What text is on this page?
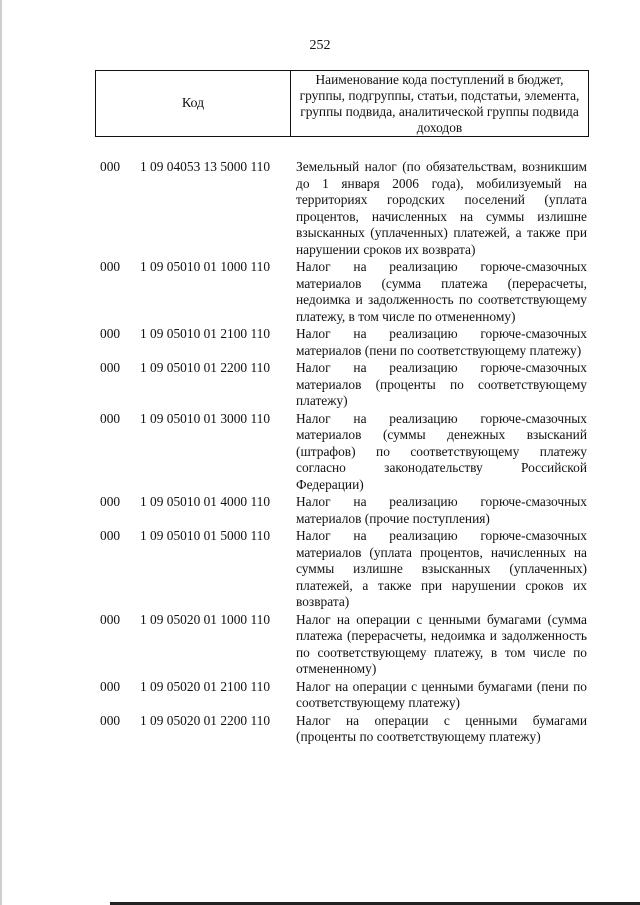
252
Код
Наименование кода поступлений в бюджет, группы, подгруппы, статьи, подстатьи, элемента, группы подвида, аналитической группы подвида доходов
000 1 09 04053 13 5000 110 Земельный налог (по обязательствам, возникшим до 1 января 2006 года), мобилизуемый на территориях городских поселений (уплата процентов, начисленных на суммы излишне взысканных (уплаченных) платежей, а также при нарушении сроков их возврата)
000 1 09 05010 01 1000 110 Налог на реализацию горюче-смазочных материалов (сумма платежа (перерасчеты, недоимка и задолженность по соответствующему платежу, в том числе по отмененному)
000 1 09 05010 01 2100 110 Налог на реализацию горюче-смазочных материалов (пени по соответствующему платежу)
000 1 09 05010 01 2200 110 Налог на реализацию горюче-смазочных материалов (проценты по соответствующему платежу)
000 1 09 05010 01 3000 110 Налог на реализацию горюче-смазочных материалов (суммы денежных взысканий (штрафов) по соответствующему платежу согласно законодательству Российской Федерации)
000 1 09 05010 01 4000 110 Налог на реализацию горюче-смазочных материалов (прочие поступления)
000 1 09 05010 01 5000 110 Налог на реализацию горюче-смазочных материалов (уплата процентов, начисленных на суммы излишне взысканных (уплаченных) платежей, а также при нарушении сроков их возврата)
000 1 09 05020 01 1000 110 Налог на операции с ценными бумагами (сумма платежа (перерасчеты, недоимка и задолженность по соответствующему платежу, в том числе по отмененному)
000 1 09 05020 01 2100 110 Налог на операции с ценными бумагами (пени по соответствующему платежу)
000 1 09 05020 01 2200 110 Налог на операции с ценными бумагами (проценты по соответствующему платежу)
